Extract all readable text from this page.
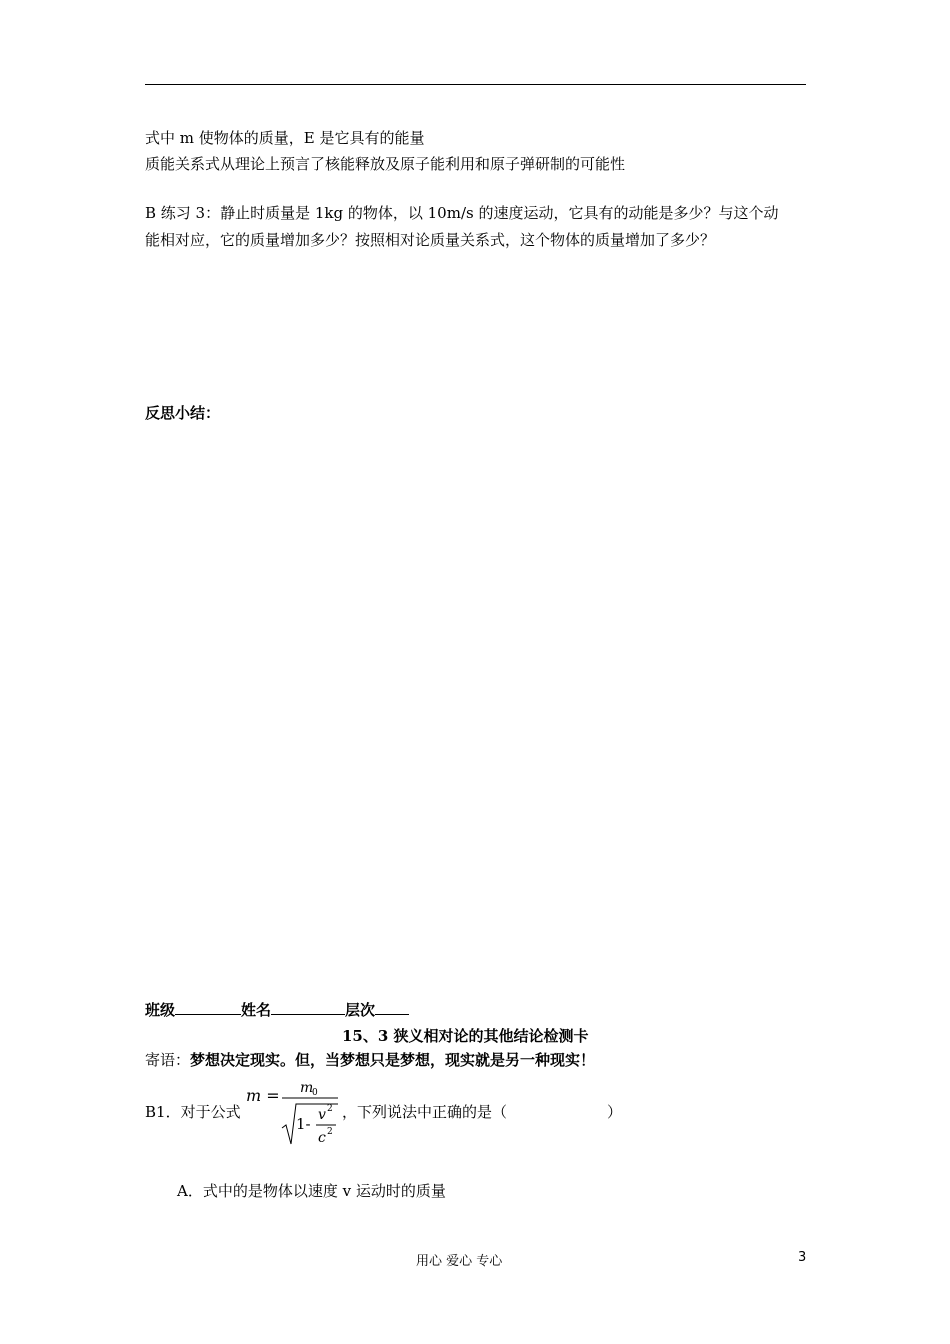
式中 m 使物体的质量，E 是它具有的能量
质能关系式从理论上预言了核能释放及原子能利用和原子弹研制的可能性
B 练习 3：静止时质量是 1kg 的物体，以 10m/s 的速度运动，它具有的动能是多少？与这个动
能相对应，它的质量增加多少？按照相对论质量关系式，这个物体的质量增加了多少？
反思小结：
班级	姓名	层次
15、3 狭义相对论的其他结论检测卡
寄语：梦想决定现实。但，当梦想只是梦想，现实就是另一种现实！
B1．对于公式
m = m
0
1- v 2
c 2
，下列说法中正确的是（	）
A．式中的是物体以速度 v 运动时的质量
用心 爱心 专心	3
